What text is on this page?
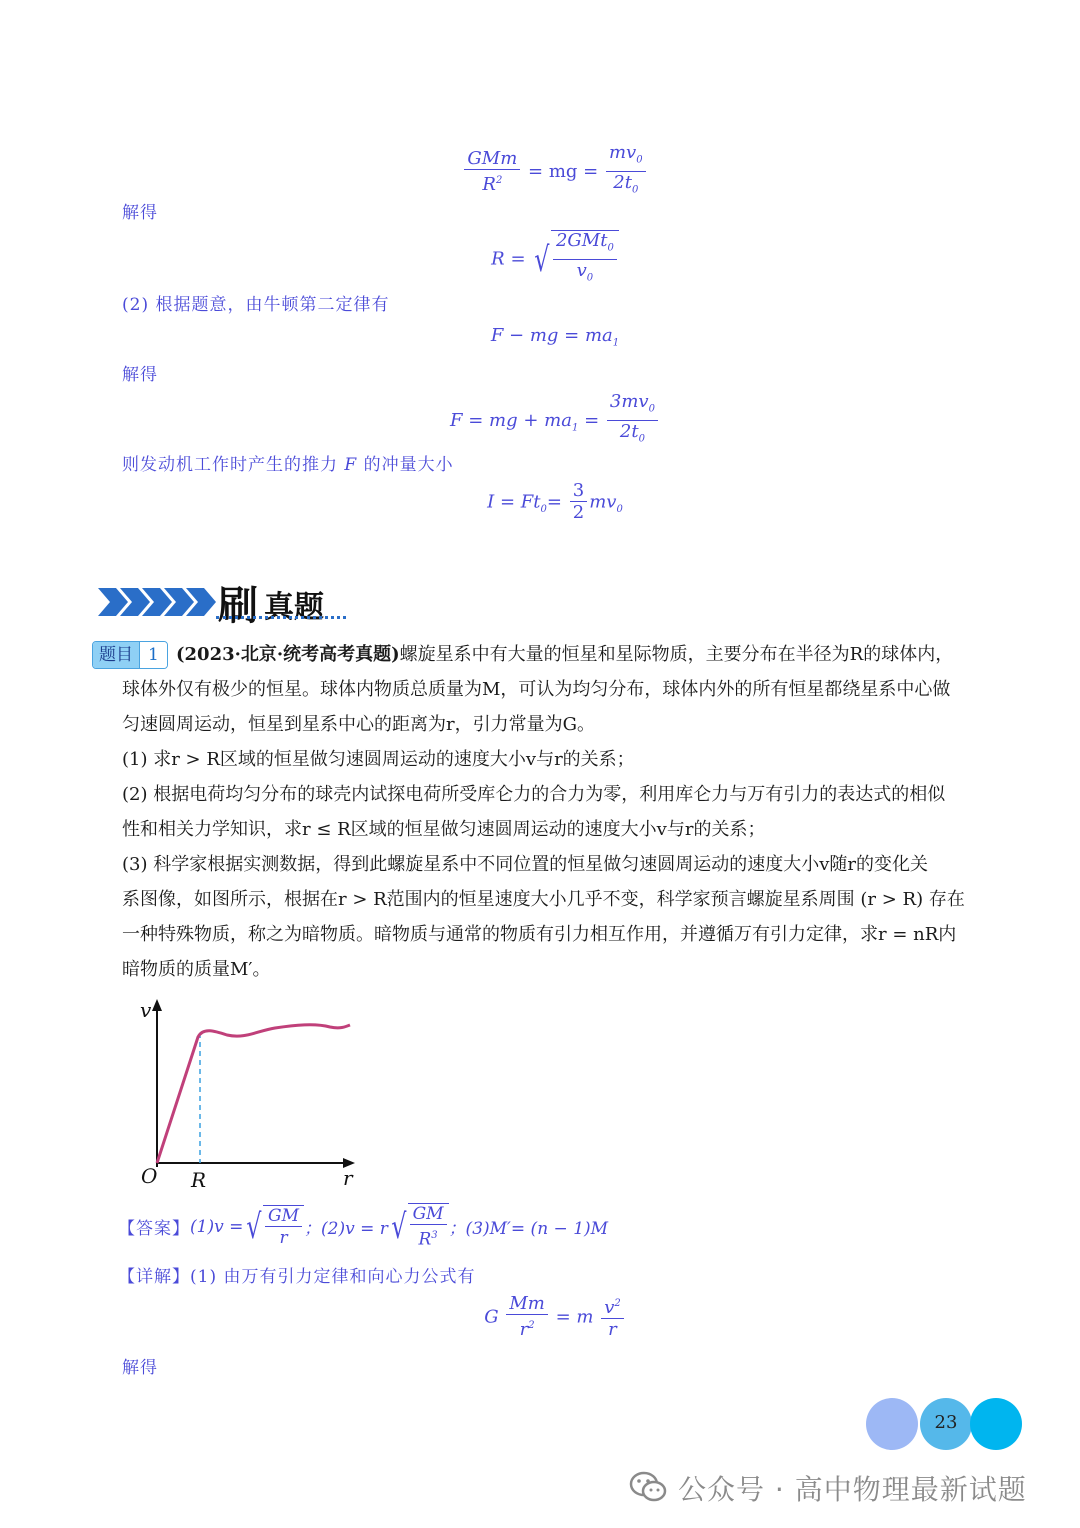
$\frac{\text{GMm}}{R^2}$ = mg = $\frac{mv_0}{2t_0}$
解得
R = √ $\frac{2GMt_0}{v_0}$
(2) 根据题意，由牛顿第二定律有
F − mg = $ma_1$
解得
F = mg + $ma_1 = \frac{3mv_0}{2t_0}$
则发动机工作时产生的推力 F 的冲量大小
$I = Ft_0= \frac{3}{2} mv_0$
刷 真题
题目 1 (2023·北京·统考高考真题)螺旋星系中有大量的恒星和星际物质，主要分布在半径为R的球体内，
球体外仅有极少的恒星。球体内物质总质量为M，可认为均匀分布，球体内外的所有恒星都绕星系中心做
匀速圆周运动，恒星到星系中心的距离为r，引力常量为G。
(1) 求r > R区域的恒星做匀速圆周运动的速度大小v与r的关系；
(2) 根据电荷均匀分布的球壳内试探电荷所受库仑力的合力为零，利用库仑力与万有引力的表达式的相似
性和相关力学知识，求r ≤ R区域的恒星做匀速圆周运动的速度大小v与r的关系；
(3) 科学家根据实测数据，得到此螺旋星系中不同位置的恒星做匀速圆周运动的速度大小v随r的变化关
系图像，如图所示，根据在r > R范围内的恒星速度大小几乎不变，科学家预言螺旋星系周围 (r > R) 存在
一种特殊物质，称之为暗物质。暗物质与通常的物质有引力相互作用，并遵循万有引力定律，求r = nR内
暗物质的质量M′。
v
r
O R
【答案】 (1)v = √ $\frac{GM}{r}$ ；(2)v = r √ $\frac{GM}{R^3}$ ；(3)M′= (n − 1)M
【详解】(1) 由万有引力定律和向心力公式有
G $\frac{Mm}{r^2} = m \frac{v^2}{r}$
解得
23
公众号 · 高中物理最新试题
